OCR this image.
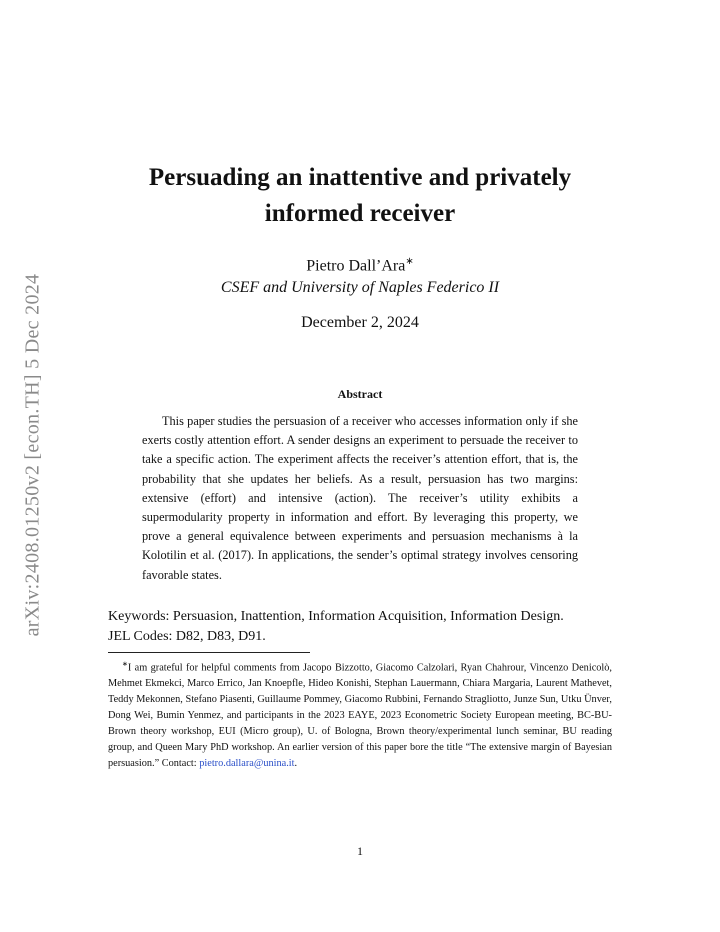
arXiv:2408.01250v2 [econ.TH] 5 Dec 2024
Persuading an inattentive and privately informed receiver
Pietro Dall’Ara∗
CSEF and University of Naples Federico II
December 2, 2024
Abstract
This paper studies the persuasion of a receiver who accesses information only if she exerts costly attention effort. A sender designs an experiment to persuade the receiver to take a specific action. The experiment affects the receiver’s attention effort, that is, the probability that she updates her beliefs. As a result, persuasion has two margins: extensive (effort) and intensive (action). The receiver’s utility exhibits a supermodularity property in information and effort. By leveraging this property, we prove a general equivalence between experiments and persuasion mechanisms à la Kolotilin et al. (2017). In applications, the sender’s optimal strategy involves censoring favorable states.
Keywords: Persuasion, Inattention, Information Acquisition, Information Design.
JEL Codes: D82, D83, D91.
∗I am grateful for helpful comments from Jacopo Bizzotto, Giacomo Calzolari, Ryan Chahrour, Vincenzo Denicolò, Mehmet Ekmekci, Marco Errico, Jan Knoepfle, Hideo Konishi, Stephan Lauermann, Chiara Margaria, Laurent Mathevet, Teddy Mekonnen, Stefano Piasenti, Guillaume Pommey, Giacomo Rubbini, Fernando Stragliotto, Junze Sun, Utku Ünver, Dong Wei, Bumin Yenmez, and participants in the 2023 EAYE, 2023 Econometric Society European meeting, BC-BU-Brown theory workshop, EUI (Micro group), U. of Bologna, Brown theory/experimental lunch seminar, BU reading group, and Queen Mary PhD workshop. An earlier version of this paper bore the title “The extensive margin of Bayesian persuasion.” Contact: pietro.dallara@unina.it.
1
